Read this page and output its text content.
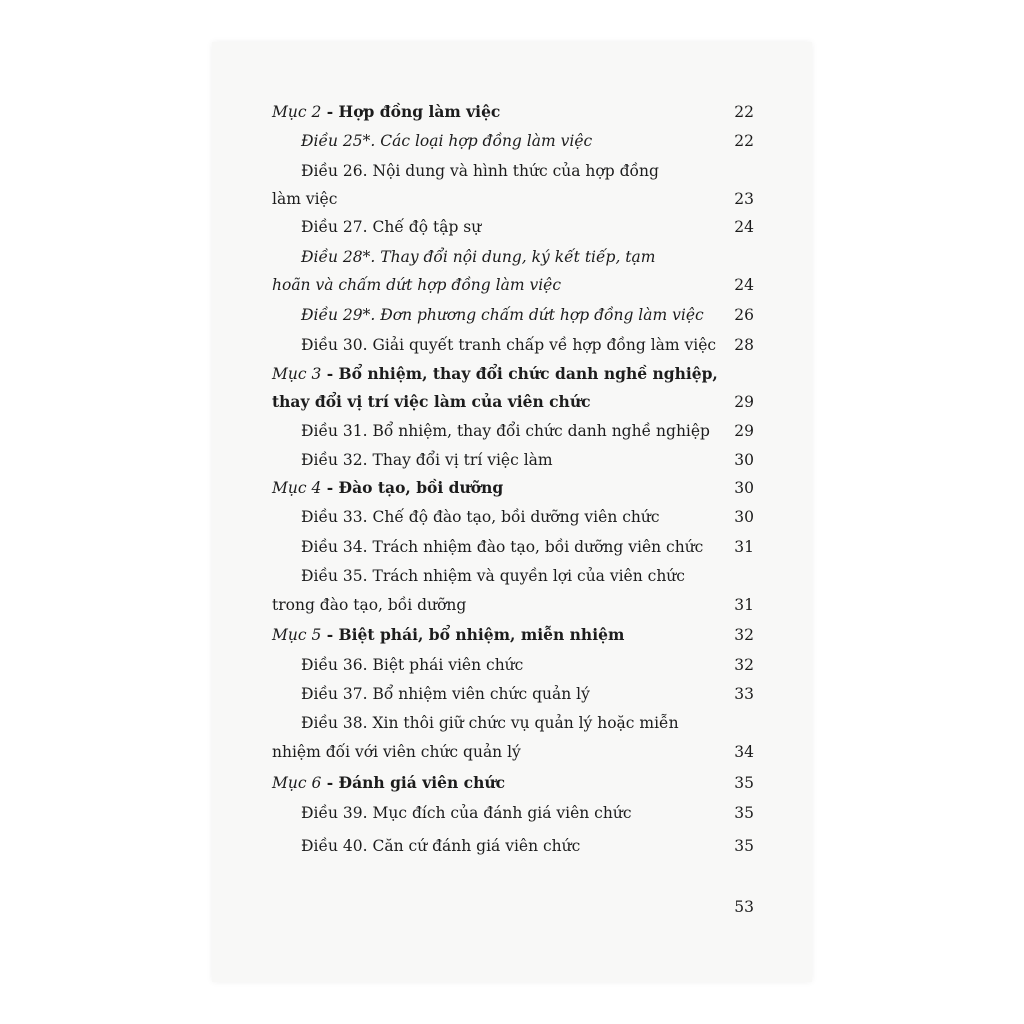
Mục 2 - Hợp đồng làm việc	22
Điều 25*. Các loại hợp đồng làm việc	22
Điều 26. Nội dung và hình thức của hợp đồng
làm việc	23
Điều 27. Chế độ tập sự	24
Điều 28*. Thay đổi nội dung, ký kết tiếp, tạm
hoãn và chấm dứt hợp đồng làm việc	24
Điều 29*. Đơn phương chấm dứt hợp đồng làm việc	26
Điều 30. Giải quyết tranh chấp về hợp đồng làm việc	28
Mục 3 - Bổ nhiệm, thay đổi chức danh nghề nghiệp,
thay đổi vị trí việc làm của viên chức	29
Điều 31. Bổ nhiệm, thay đổi chức danh nghề nghiệp	29
Điều 32. Thay đổi vị trí việc làm	30
Mục 4 - Đào tạo, bồi dưỡng	30
Điều 33. Chế độ đào tạo, bồi dưỡng viên chức	30
Điều 34. Trách nhiệm đào tạo, bồi dưỡng viên chức	31
Điều 35. Trách nhiệm và quyền lợi của viên chức
trong đào tạo, bồi dưỡng	31
Mục 5 - Biệt phái, bổ nhiệm, miễn nhiệm	32
Điều 36. Biệt phái viên chức	32
Điều 37. Bổ nhiệm viên chức quản lý	33
Điều 38. Xin thôi giữ chức vụ quản lý hoặc miễn
nhiệm đối với viên chức quản lý	34
Mục 6 - Đánh giá viên chức	35
Điều 39. Mục đích của đánh giá viên chức	35
Điều 40. Căn cứ đánh giá viên chức	35
53
